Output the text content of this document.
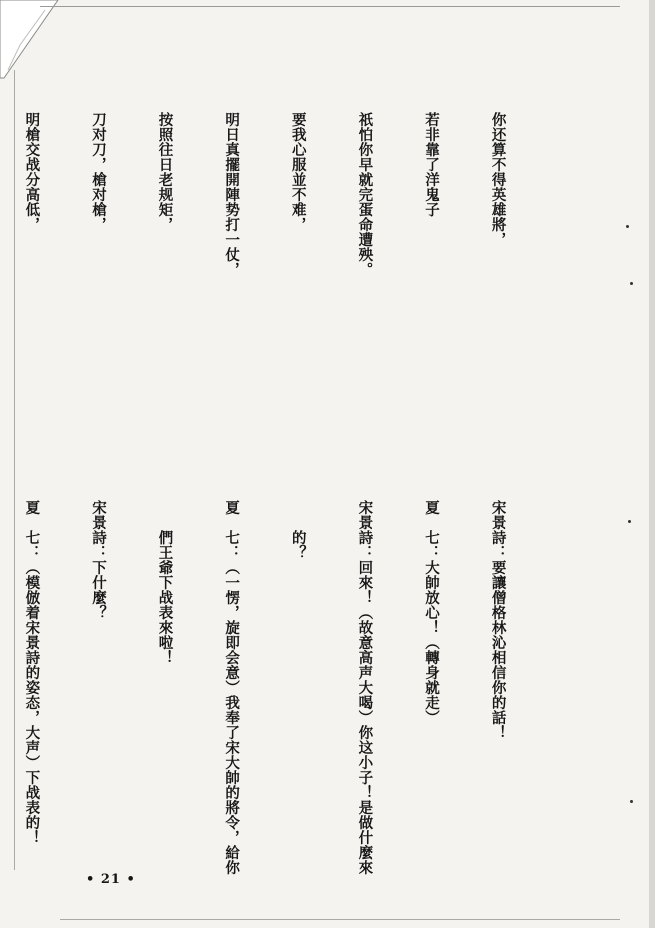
你还算不得英雄將，

若非靠了洋鬼子

祇怕你早就完蛋命遭殃。

要我心服並不难，

明日真擺開陣势打一仗，

按照往日老规矩，

刀对刀，槍对槍，

明槍交战分高低，

宋景詩：要讓僧格林沁相信你的話！

夏　七：大帥放心！（轉身就走）

宋景詩：回來！（故意高声大喝）你这小子！是做什麼來

　　的？

夏　七：（一愣，旋即会意）我奉了宋大帥的將令，給你

　　們王爺下战表來啦！

宋景詩：下什麼？

夏　七：（模倣着宋景詩的姿态，大声）下战表的！

• 21 •
